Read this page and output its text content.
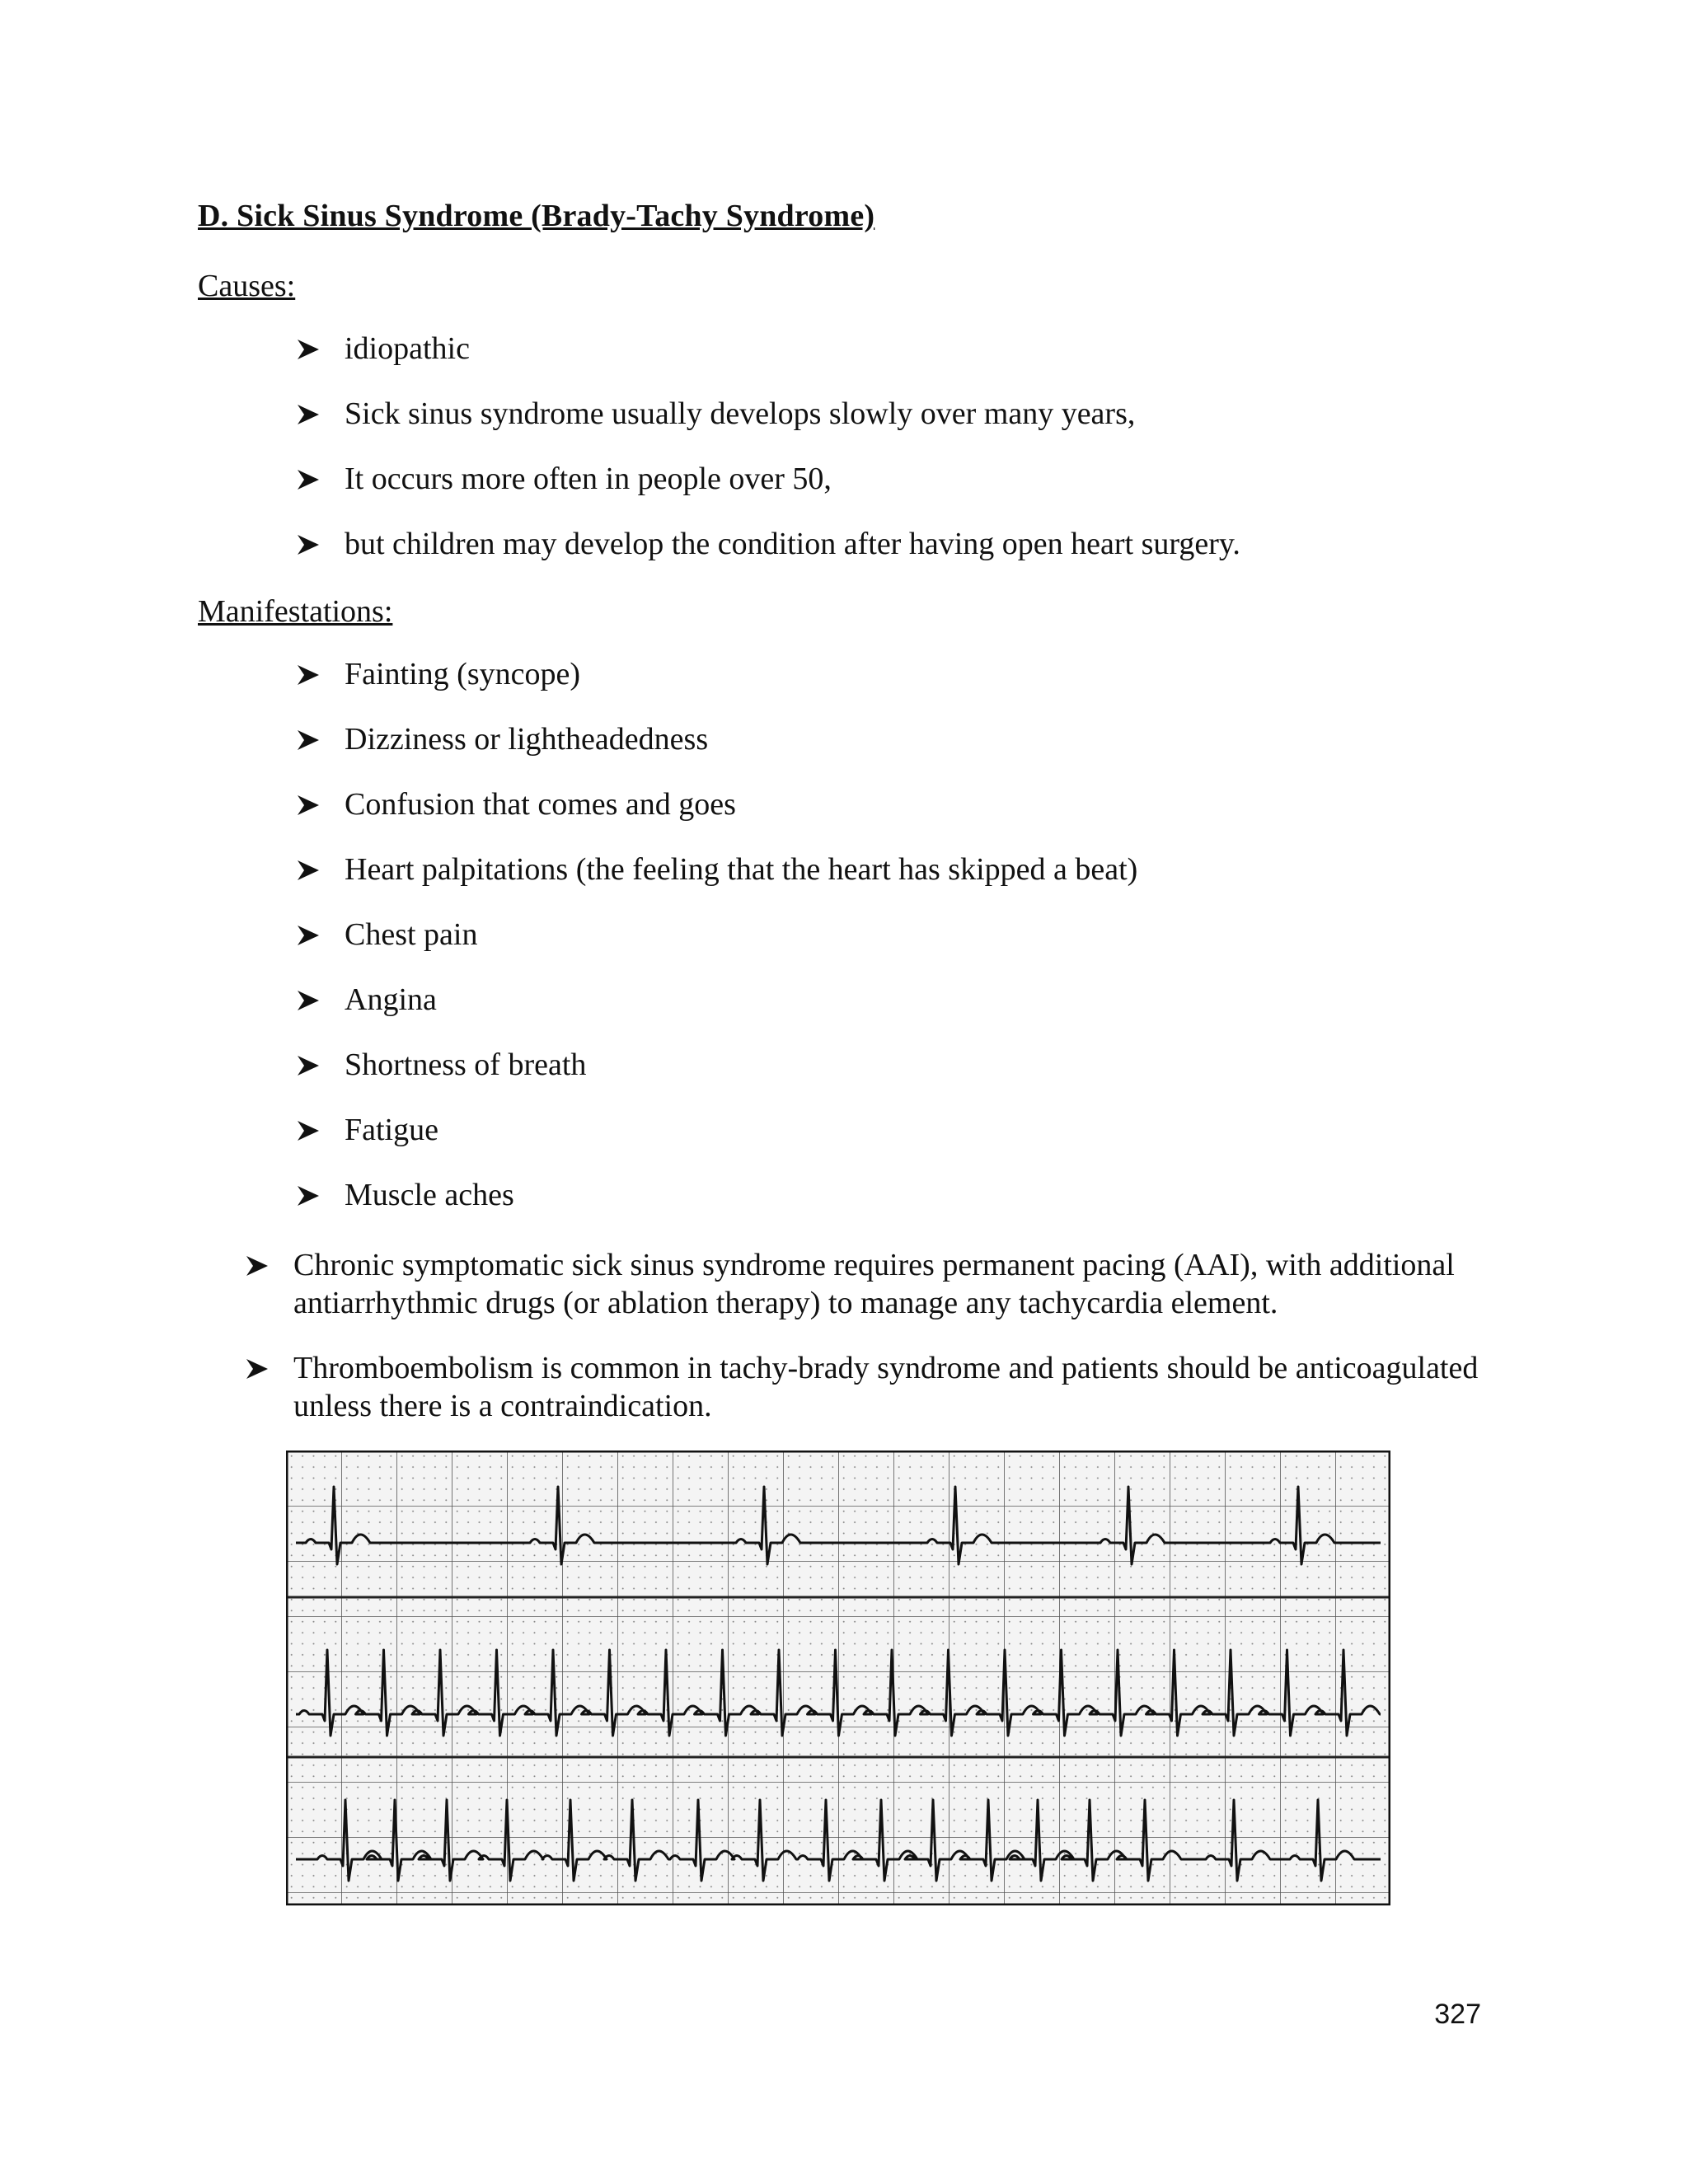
D. Sick Sinus Syndrome (Brady-Tachy Syndrome)

Causes:

idiopathic
Sick sinus syndrome usually develops slowly over many years,
It occurs more often in people over 50,
but children may develop the condition after having open heart surgery.

Manifestations:

Fainting (syncope)
Dizziness or lightheadedness
Confusion that comes and goes
Heart palpitations (the feeling that the heart has skipped a beat)
Chest pain
Angina
Shortness of breath
Fatigue
Muscle aches
Chronic symptomatic sick sinus syndrome requires permanent pacing (AAI), with additional antiarrhythmic drugs (or ablation therapy) to manage any tachycardia element.
Thromboembolism is common in tachy-brady syndrome and patients should be anticoagulated unless there is a contraindication.
327
